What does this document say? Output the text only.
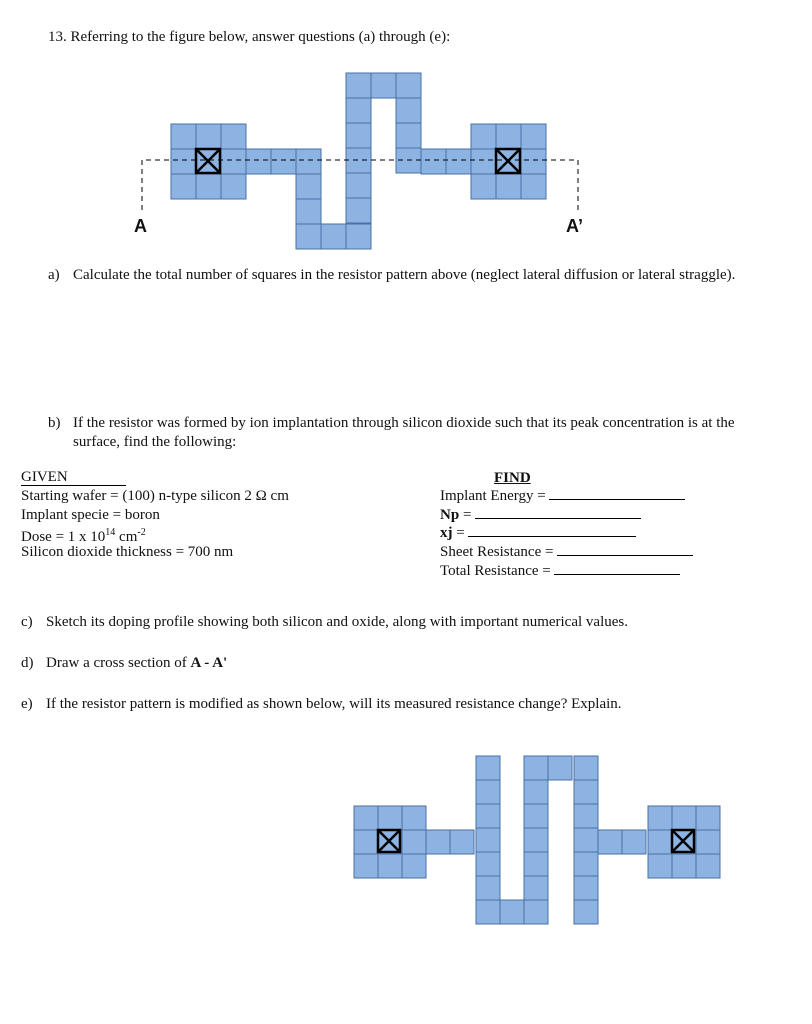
13. Referring to the figure below, answer questions (a) through (e):
A	A’
a) Calculate the total number of squares in the resistor pattern above (neglect lateral diffusion or lateral straggle).
b) If the resistor was formed by ion implantation through silicon dioxide such that its peak concentration is at the
surface, find the following:
GIVEN
Starting wafer = (100) n-type silicon 2 Ω cm
Implant specie = boron
Dose = 1 x $10^{14}$ $cm^{-2}$
Silicon dioxide thickness = 700 nm
FIND
Implant Energy =
Np =
xj =
Sheet Resistance =
Total Resistance =
c) Sketch its doping profile showing both silicon and oxide, along with important numerical values.
d) Draw a cross section of A - A'
e) If the resistor pattern is modified as shown below, will its measured resistance change? Explain.
